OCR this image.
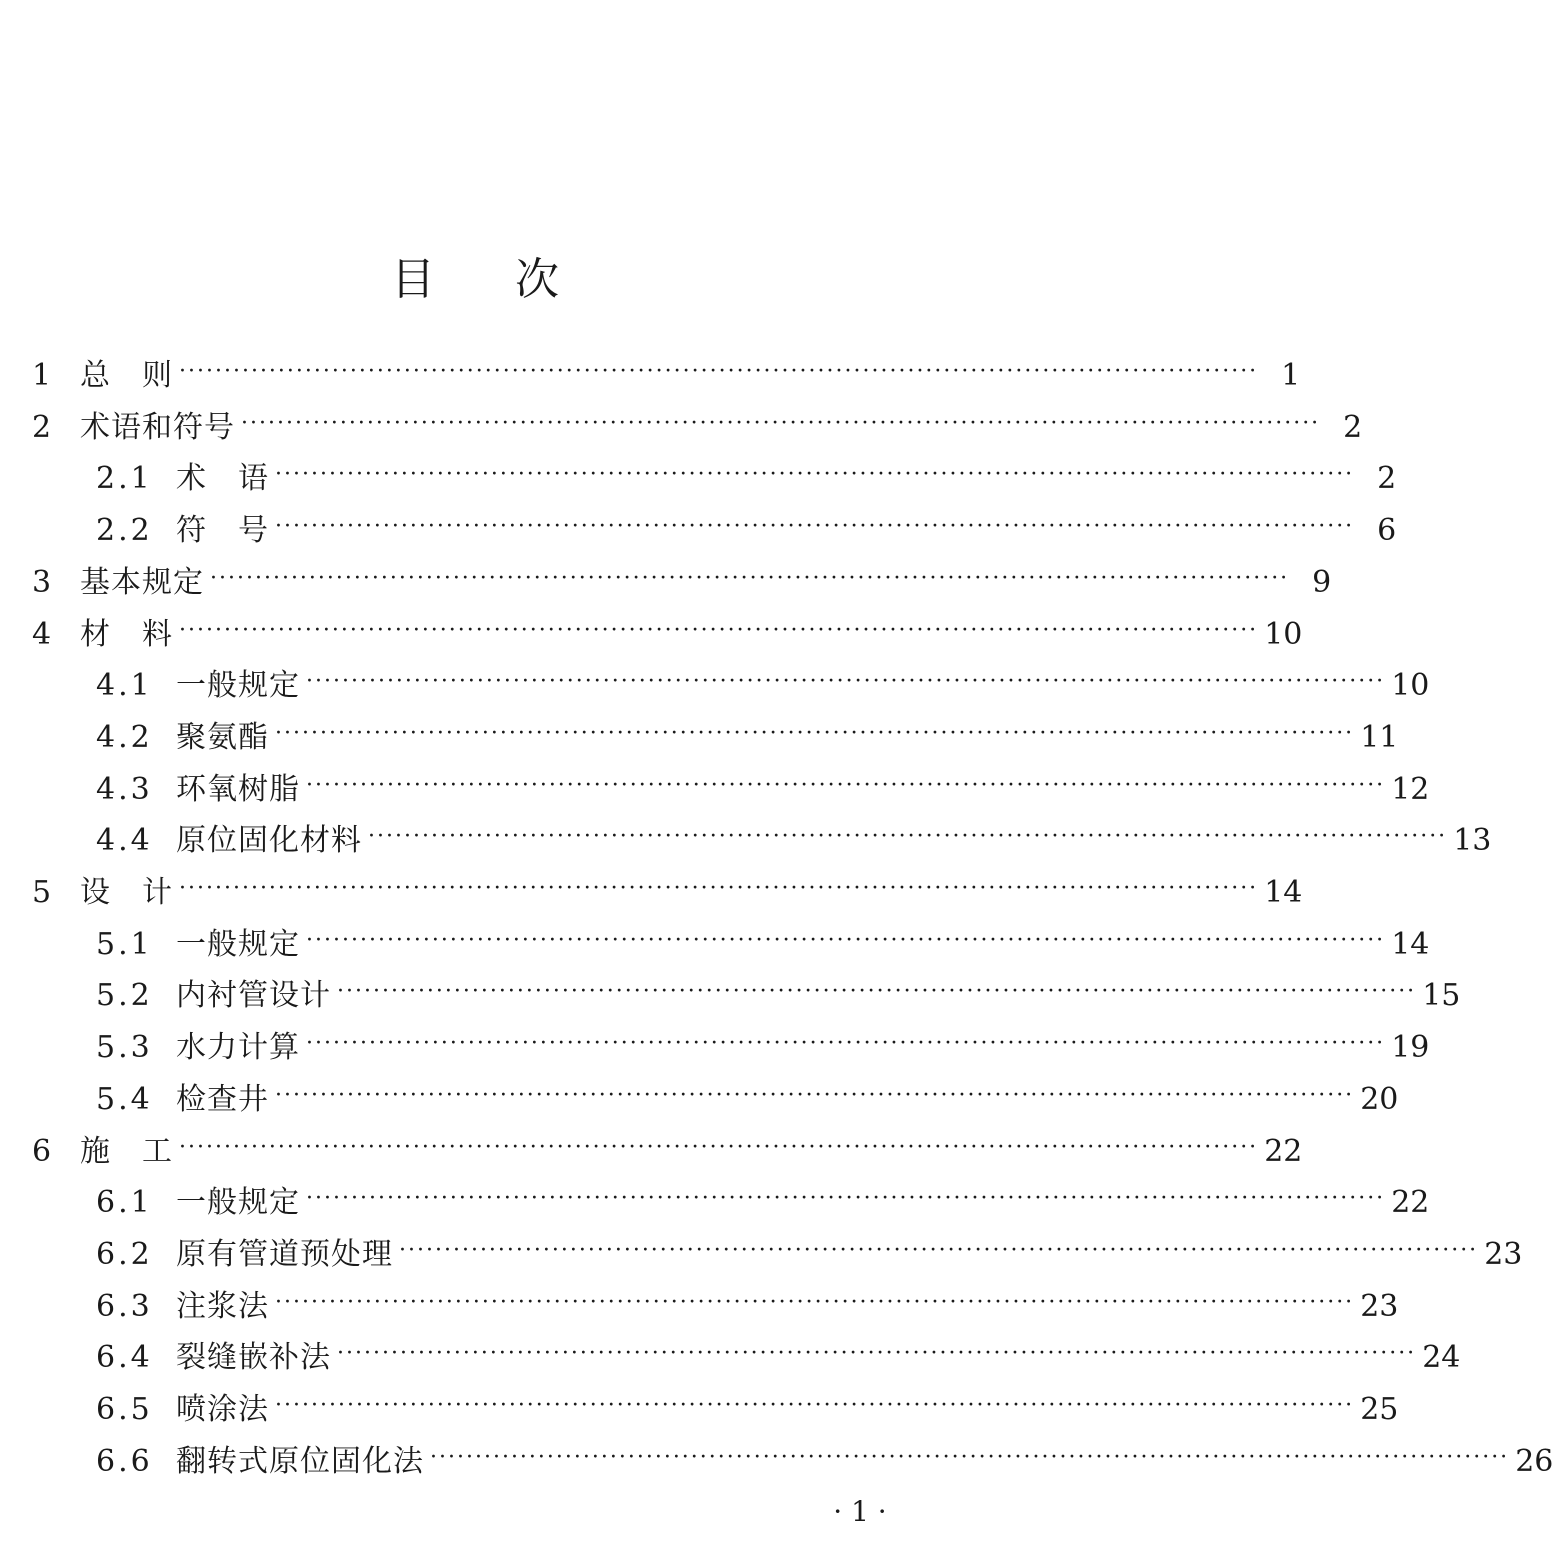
目次
1 总　则 ························································································································ 1
2 术语和符号 ························································································································ 2
2.1 术　语 ························································································································ 2
2.2 符　号 ························································································································ 6
3 基本规定 ························································································································ 9
4 材　料 ························································································································ 10
4.1 一般规定 ························································································································ 10
4.2 聚氨酯 ························································································································ 11
4.3 环氧树脂 ························································································································ 12
4.4 原位固化材料 ························································································································ 13
5 设　计 ························································································································ 14
5.1 一般规定 ························································································································ 14
5.2 内衬管设计 ························································································································ 15
5.3 水力计算 ························································································································ 19
5.4 检查井 ························································································································ 20
6 施　工 ························································································································ 22
6.1 一般规定 ························································································································ 22
6.2 原有管道预处理 ························································································································ 23
6.3 注浆法 ························································································································ 23
6.4 裂缝嵌补法 ························································································································ 24
6.5 喷涂法 ························································································································ 25
6.6 翻转式原位固化法 ························································································································ 26
· 1 ·
